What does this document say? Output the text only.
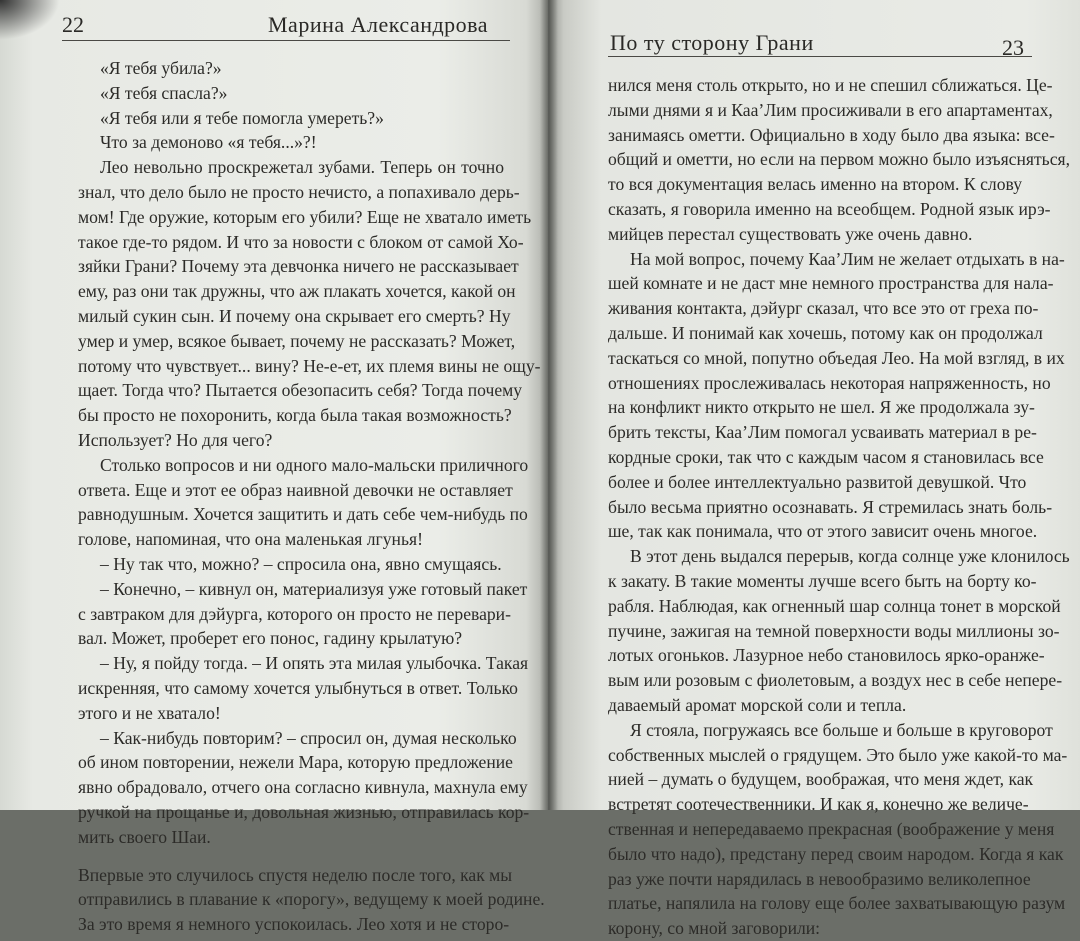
22	Марина Александрова
«Я тебя убила?»
«Я тебя спасла?»
«Я тебя или я тебе помогла умереть?»
Что за демоново «я тебя...»?!
Лео невольно проскрежетал зубами. Теперь он точно
знал, что дело было не просто нечисто, а попахивало дерь-
мом! Где оружие, которым его убили? Еще не хватало иметь
такое где-то рядом. И что за новости с блоком от самой Хо-
зяйки Грани? Почему эта девчонка ничего не рассказывает
ему, раз они так дружны, что аж плакать хочется, какой он
милый сукин сын. И почему она скрывает его смерть? Ну
умер и умер, всякое бывает, почему не рассказать? Может,
потому что чувствует... вину? Не-е-ет, их племя вины не ощу-
щает. Тогда что? Пытается обезопасить себя? Тогда почему
бы просто не похоронить, когда была такая возможность?
Использует? Но для чего?
Столько вопросов и ни одного мало-мальски приличного
ответа. Еще и этот ее образ наивной девочки не оставляет
равнодушным. Хочется защитить и дать себе чем-нибудь по
голове, напоминая, что она маленькая лгунья!
– Ну так что, можно? – спросила она, явно смущаясь.
– Конечно, – кивнул он, материализуя уже готовый пакет
с завтраком для дэйурга, которого он просто не перевари-
вал. Может, проберет его понос, гадину крылатую?
– Ну, я пойду тогда. – И опять эта милая улыбочка. Такая
искренняя, что самому хочется улыбнуться в ответ. Только
этого и не хватало!
– Как-нибудь повторим? – спросил он, думая несколько
об ином повторении, нежели Мара, которую предложение
явно обрадовало, отчего она согласно кивнула, махнула ему
ручкой на прощанье и, довольная жизнью, отправилась кор-
мить своего Шаи.
Впервые это случилось спустя неделю после того, как мы
отправились в плавание к «порогу», ведущему к моей родине.
За это время я немного успокоилась. Лео хотя и не сторо-
По ту сторону Грани	23
нился меня столь открыто, но и не спешил сближаться. Це-
лыми днями я и Каа’Лим просиживали в его апартаментах,
занимаясь ометти. Официально в ходу было два языка: все-
общий и ометти, но если на первом можно было изъясняться,
то вся документация велась именно на втором. К слову
сказать, я говорила именно на всеобщем. Родной язык ирэ-
мийцев перестал существовать уже очень давно.
На мой вопрос, почему Каа’Лим не желает отдыхать в на-
шей комнате и не даст мне немного пространства для нала-
живания контакта, дэйург сказал, что все это от греха по-
дальше. И понимай как хочешь, потому как он продолжал
таскаться со мной, попутно объедая Лео. На мой взгляд, в их
отношениях прослеживалась некоторая напряженность, но
на конфликт никто открыто не шел. Я же продолжала зу-
брить тексты, Каа’Лим помогал усваивать материал в ре-
кордные сроки, так что с каждым часом я становилась все
более и более интеллектуально развитой девушкой. Что
было весьма приятно осознавать. Я стремилась знать боль-
ше, так как понимала, что от этого зависит очень многое.
В этот день выдался перерыв, когда солнце уже клонилось
к закату. В такие моменты лучше всего быть на борту ко-
рабля. Наблюдая, как огненный шар солнца тонет в морской
пучине, зажигая на темной поверхности воды миллионы зо-
лотых огоньков. Лазурное небо становилось ярко-оранже-
вым или розовым с фиолетовым, а воздух нес в себе непере-
даваемый аромат морской соли и тепла.
Я стояла, погружаясь все больше и больше в круговорот
собственных мыслей о грядущем. Это было уже какой-то ма-
нией – думать о будущем, воображая, что меня ждет, как
встретят соотечественники. И как я, конечно же величе-
ственная и непередаваемо прекрасная (воображение у меня
было что надо), предстану перед своим народом. Когда я как
раз уже почти нарядилась в невообразимо великолепное
платье, напялила на голову еще более захватывающую разум
корону, со мной заговорили:
